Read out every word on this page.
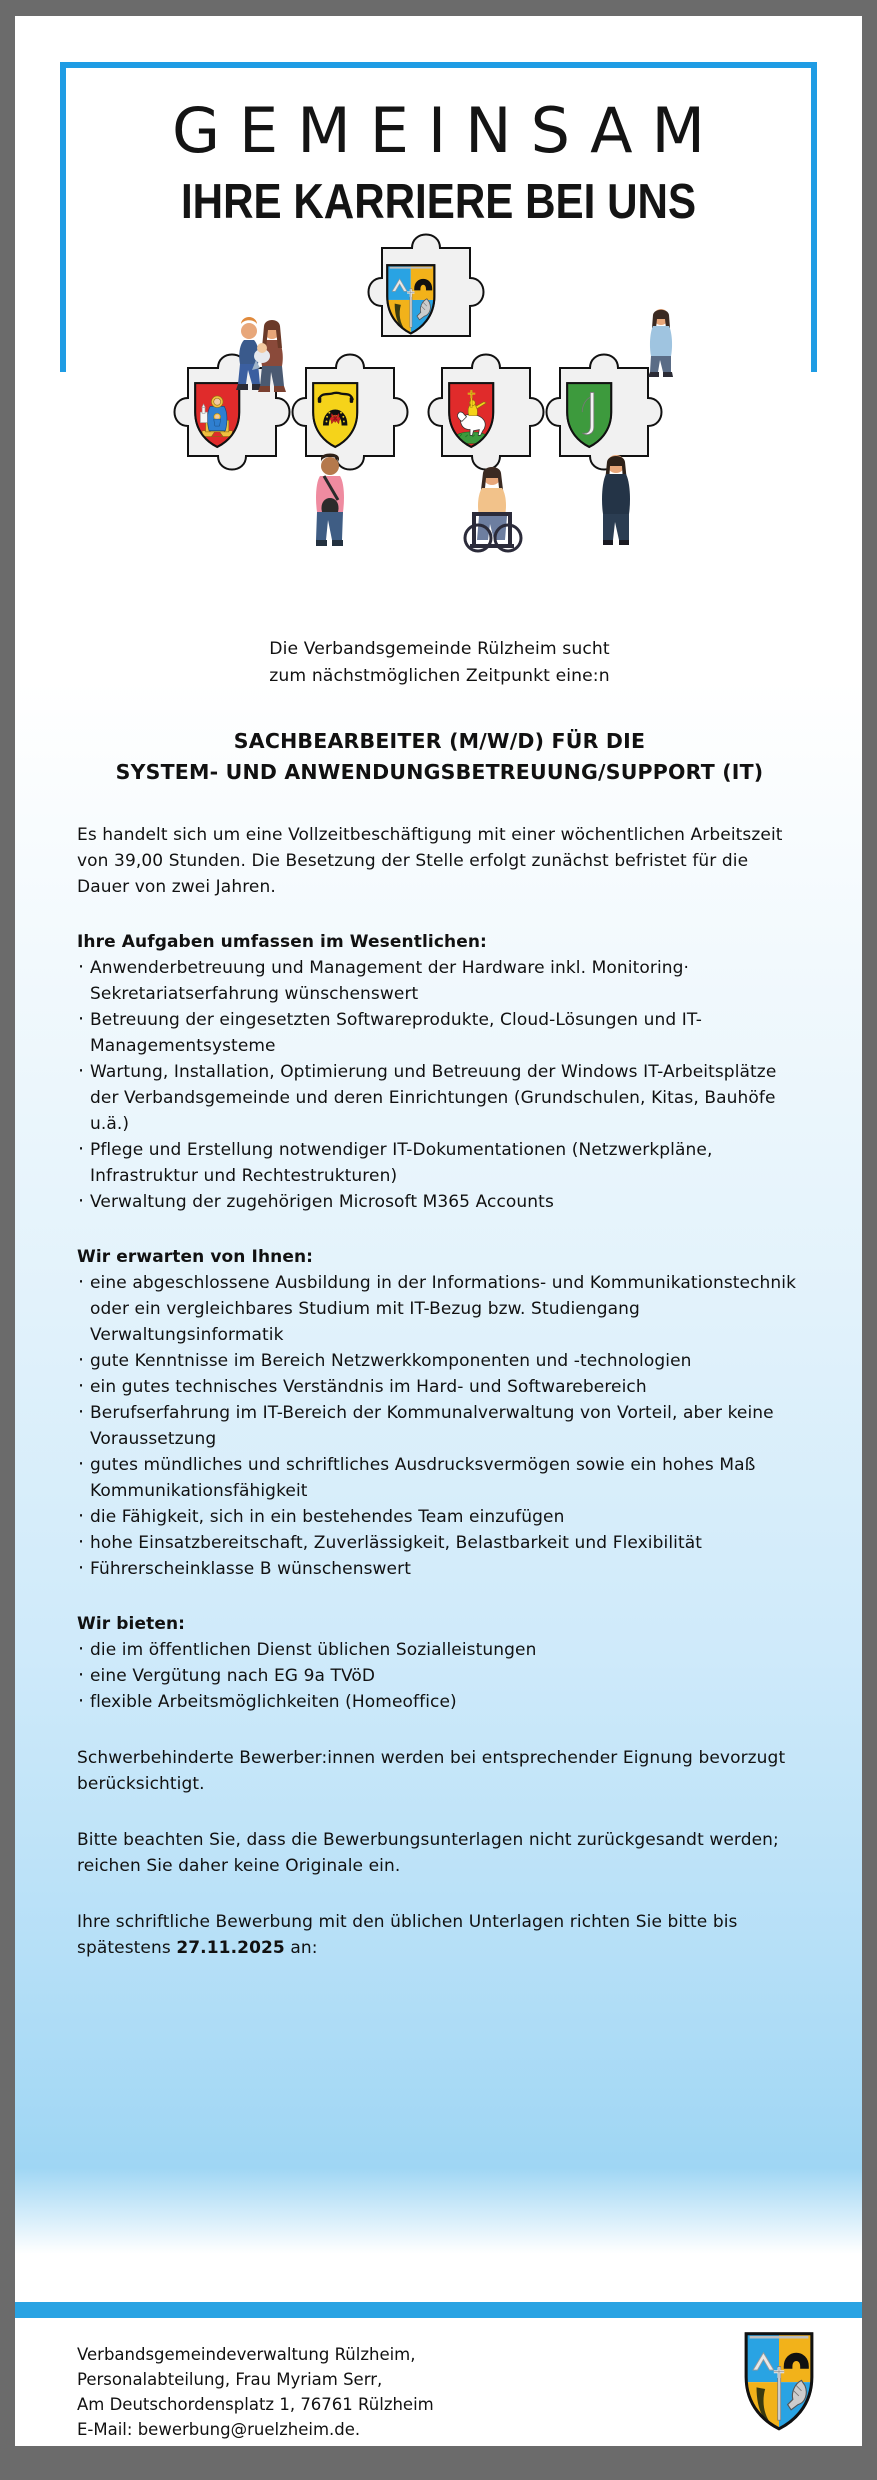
GEMEINSAM
IHRE KARRIERE BEI UNS
Die Verbandsgemeinde Rülzheim sucht
zum nächstmöglichen Zeitpunkt eine:n
SACHBEARBEITER (M/W/D) FÜR DIE
SYSTEM- UND ANWENDUNGSBETREUUNG/SUPPORT (IT)
Es handelt sich um eine Vollzeitbeschäftigung mit einer wöchentlichen Arbeitszeit von 39,00 Stunden. Die Besetzung der Stelle erfolgt zunächst befristet für die Dauer von zwei Jahren.
Ihre Aufgaben umfassen im Wesentlichen:
· Anwenderbetreuung und Management der Hardware inkl. Monitoring· Sekretariatserfahrung wünschenswert
· Betreuung der eingesetzten Softwareprodukte, Cloud-Lösungen und IT-Managementsysteme
· Wartung, Installation, Optimierung und Betreuung der Windows IT-Arbeitsplätze der Verbandsgemeinde und deren Einrichtungen (Grundschulen, Kitas, Bauhöfe u.ä.)
· Pflege und Erstellung notwendiger IT-Dokumentationen (Netzwerkpläne, Infrastruktur und Rechtestrukturen)
· Verwaltung der zugehörigen Microsoft M365 Accounts
Wir erwarten von Ihnen:
· eine abgeschlossene Ausbildung in der Informations- und Kommunikationstechnik oder ein vergleichbares Studium mit IT-Bezug bzw. Studiengang Verwaltungsinformatik
· gute Kenntnisse im Bereich Netzwerkkomponenten und -technologien
· ein gutes technisches Verständnis im Hard- und Softwarebereich
· Berufserfahrung im IT-Bereich der Kommunalverwaltung von Vorteil, aber keine Voraussetzung
· gutes mündliches und schriftliches Ausdrucksvermögen sowie ein hohes Maß Kommunikationsfähigkeit
· die Fähigkeit, sich in ein bestehendes Team einzufügen
· hohe Einsatzbereitschaft, Zuverlässigkeit, Belastbarkeit und Flexibilität
· Führerscheinklasse B wünschenswert
Wir bieten:
· die im öffentlichen Dienst üblichen Sozialleistungen
· eine Vergütung nach EG 9a TVöD
· flexible Arbeitsmöglichkeiten (Homeoffice)
Schwerbehinderte Bewerber:innen werden bei entsprechender Eignung bevorzugt berücksichtigt.
Bitte beachten Sie, dass die Bewerbungsunterlagen nicht zurückgesandt werden; reichen Sie daher keine Originale ein.
Ihre schriftliche Bewerbung mit den üblichen Unterlagen richten Sie bitte bis spätestens 27.11.2025 an:
Verbandsgemeindeverwaltung Rülzheim,
Personalabteilung, Frau Myriam Serr,
Am Deutschordensplatz 1, 76761 Rülzheim
E-Mail: bewerbung@ruelzheim.de.
